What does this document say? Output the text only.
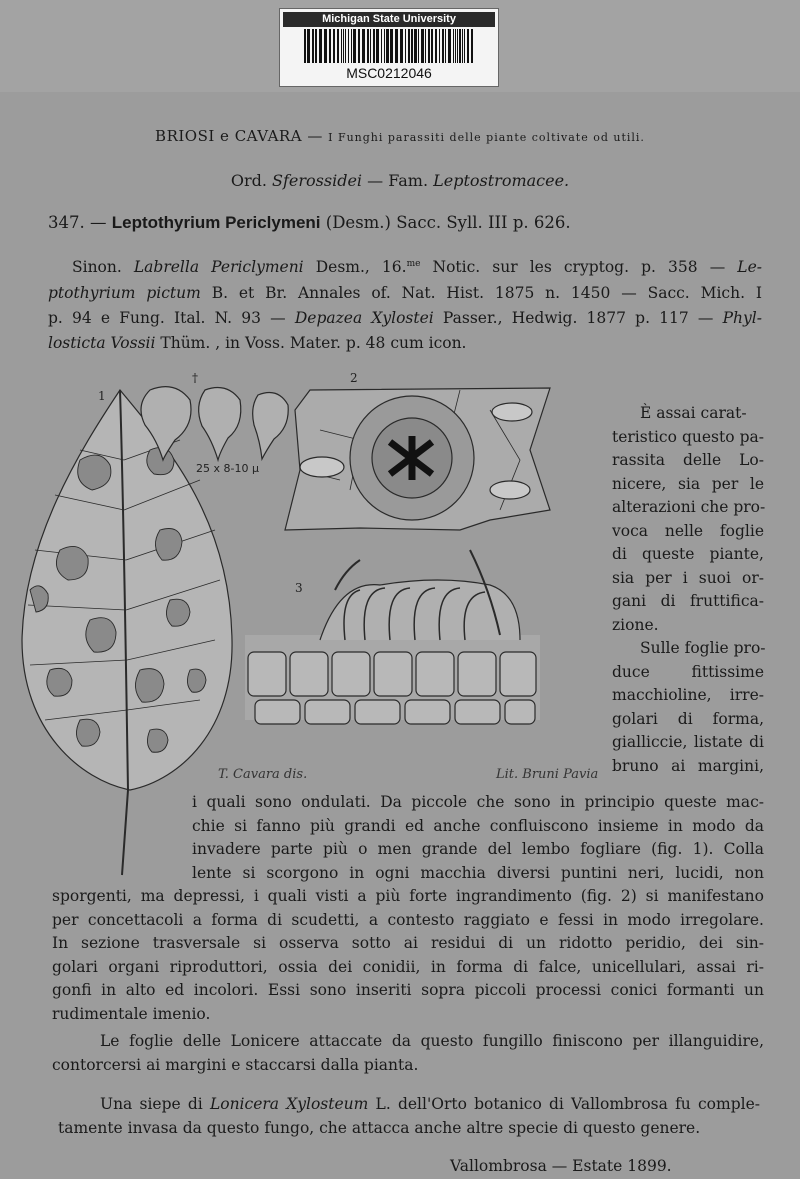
Michigan State University
MSC0212046

BRIOSI e CAVARA — I Funghi parassiti delle piante coltivate od utili.

Ord. Sferossidei — Fam. Leptostromacee.

347. — Leptothyrium Periclymeni (Desm.) Sacc. Syll. III p. 626.

Sinon. Labrella Periclymeni Desm., 16.$^{me}$ Notic. sur les cryptog. p. 358 — Le-

ptothyrium pictum B. et Br. Annales of. Nat. Hist. 1875 n. 1450 — Sacc. Mich. I

p. 94 e Fung. Ital. N. 93 — Depazea Xylostei Passer., Hedwig. 1877 p. 117 — Phyl-

losticta Vossii Thüm. , in Voss. Mater. p. 48 cum icon.

1
†	2
3
25 x 8-10 µ
T. Cavara dis.	Lit. Bruni Pavia

È assai carat-

teristico questo pa-

rassita delle Lo-

nicere, sia per le

alterazioni che pro-

voca nelle foglie

di queste piante,

sia per i suoi or-

gani di fruttifica-

zione.

Sulle foglie pro-

duce fittissime

macchioline, irre-

golari di forma,

gialliccie, listate di

bruno ai margini,

i quali sono ondulati. Da piccole che sono in principio queste mac-

chie si fanno più grandi ed anche confluiscono insieme in modo da

invadere parte più o men grande del lembo fogliare (fig. 1). Colla

lente si scorgono in ogni macchia diversi puntini neri, lucidi, non

sporgenti, ma depressi, i quali visti a più forte ingrandimento (fig. 2) si manifestano

per concettacoli a forma di scudetti, a contesto raggiato e fessi in modo irregolare.

In sezione trasversale si osserva sotto ai residui di un ridotto peridio, dei sin-

golari organi riproduttori, ossia dei conidii, in forma di falce, unicellulari, assai ri-

gonfi in alto ed incolori. Essi sono inseriti sopra piccoli processi conici formanti un

rudimentale imenio.

Le foglie delle Lonicere attaccate da questo fungillo finiscono per illanguidire,

contorcersi ai margini e staccarsi dalla pianta.

Una siepe di Lonicera Xylosteum L. dell'Orto botanico di Vallombrosa fu comple-

tamente invasa da questo fungo, che attacca anche altre specie di questo genere.

Vallombrosa — Estate 1899.
